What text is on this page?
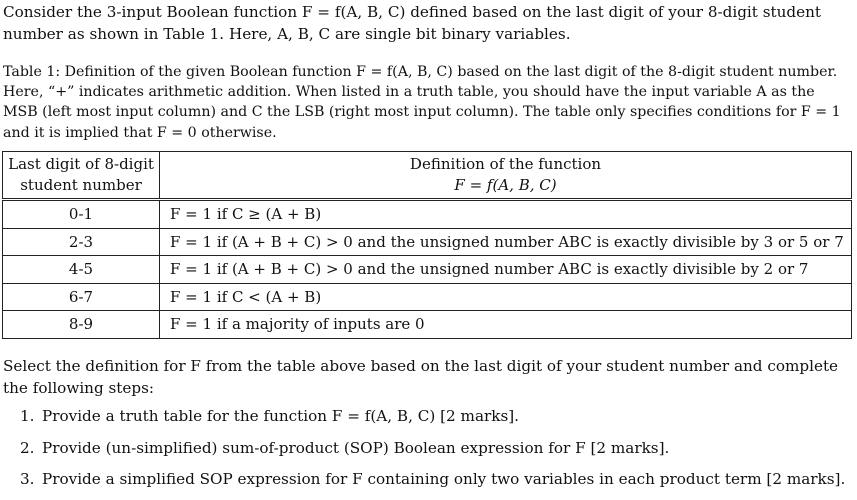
Consider the 3-input Boolean function F = f(A, B, C) defined based on the last digit of your 8-digit student number as shown in Table 1. Here, A, B, C are single bit binary variables.

Table 1: Definition of the given Boolean function F = f(A, B, C) based on the last digit of the 8-digit student number. Here, “+” indicates arithmetic addition. When listed in a truth table, you should have the input variable A as the MSB (left most input column) and C the LSB (right most input column). The table only specifies conditions for F = 1 and it is implied that F = 0 otherwise.

Last digit of 8-digit
student number	Definition of the function
F = f(A, B, C)
0-1	F = 1 if C ≥ (A + B)
2-3	F = 1 if (A + B + C) > 0 and the unsigned number ABC is exactly divisible by 3 or 5 or 7
4-5	F = 1 if (A + B + C) > 0 and the unsigned number ABC is exactly divisible by 2 or 7
6-7	F = 1 if C < (A + B)
8-9	F = 1 if a majority of inputs are 0

Select the definition for F from the table above based on the last digit of your student number and complete the following steps:

1. Provide a truth table for the function F = f(A, B, C) [2 marks].
2. Provide (un-simplified) sum-of-product (SOP) Boolean expression for F [2 marks].
3. Provide a simplified SOP expression for F containing only two variables in each product term [2 marks].
